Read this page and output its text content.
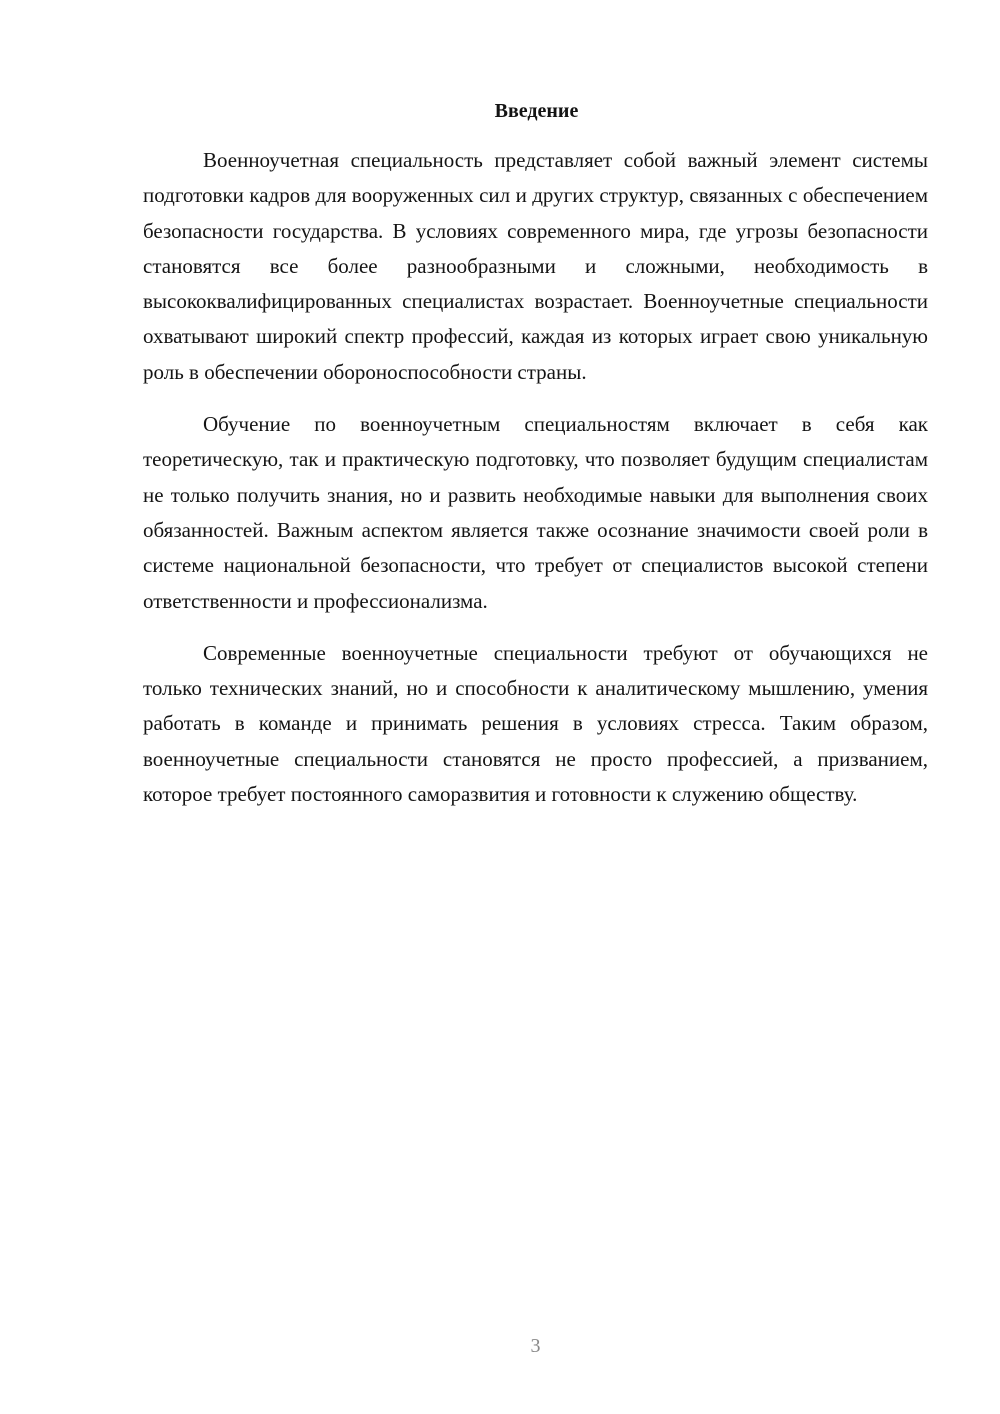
Введение

Военноучетная специальность представляет собой важный элемент системы подготовки кадров для вооруженных сил и других структур, связанных с обеспечением безопасности государства. В условиях современного мира, где угрозы безопасности становятся все более разнообразными и сложными, необходимость в высококвалифицированных специалистах возрастает. Военноучетные специальности охватывают широкий спектр профессий, каждая из которых играет свою уникальную роль в обеспечении обороноспособности страны.

Обучение по военноучетным специальностям включает в себя как теоретическую, так и практическую подготовку, что позволяет будущим специалистам не только получить знания, но и развить необходимые навыки для выполнения своих обязанностей. Важным аспектом является также осознание значимости своей роли в системе национальной безопасности, что требует от специалистов высокой степени ответственности и профессионализма.

Современные военноучетные специальности требуют от обучающихся не только технических знаний, но и способности к аналитическому мышлению, умения работать в команде и принимать решения в условиях стресса. Таким образом, военноучетные специальности становятся не просто профессией, а призванием, которое требует постоянного саморазвития и готовности к служению обществу.

3
